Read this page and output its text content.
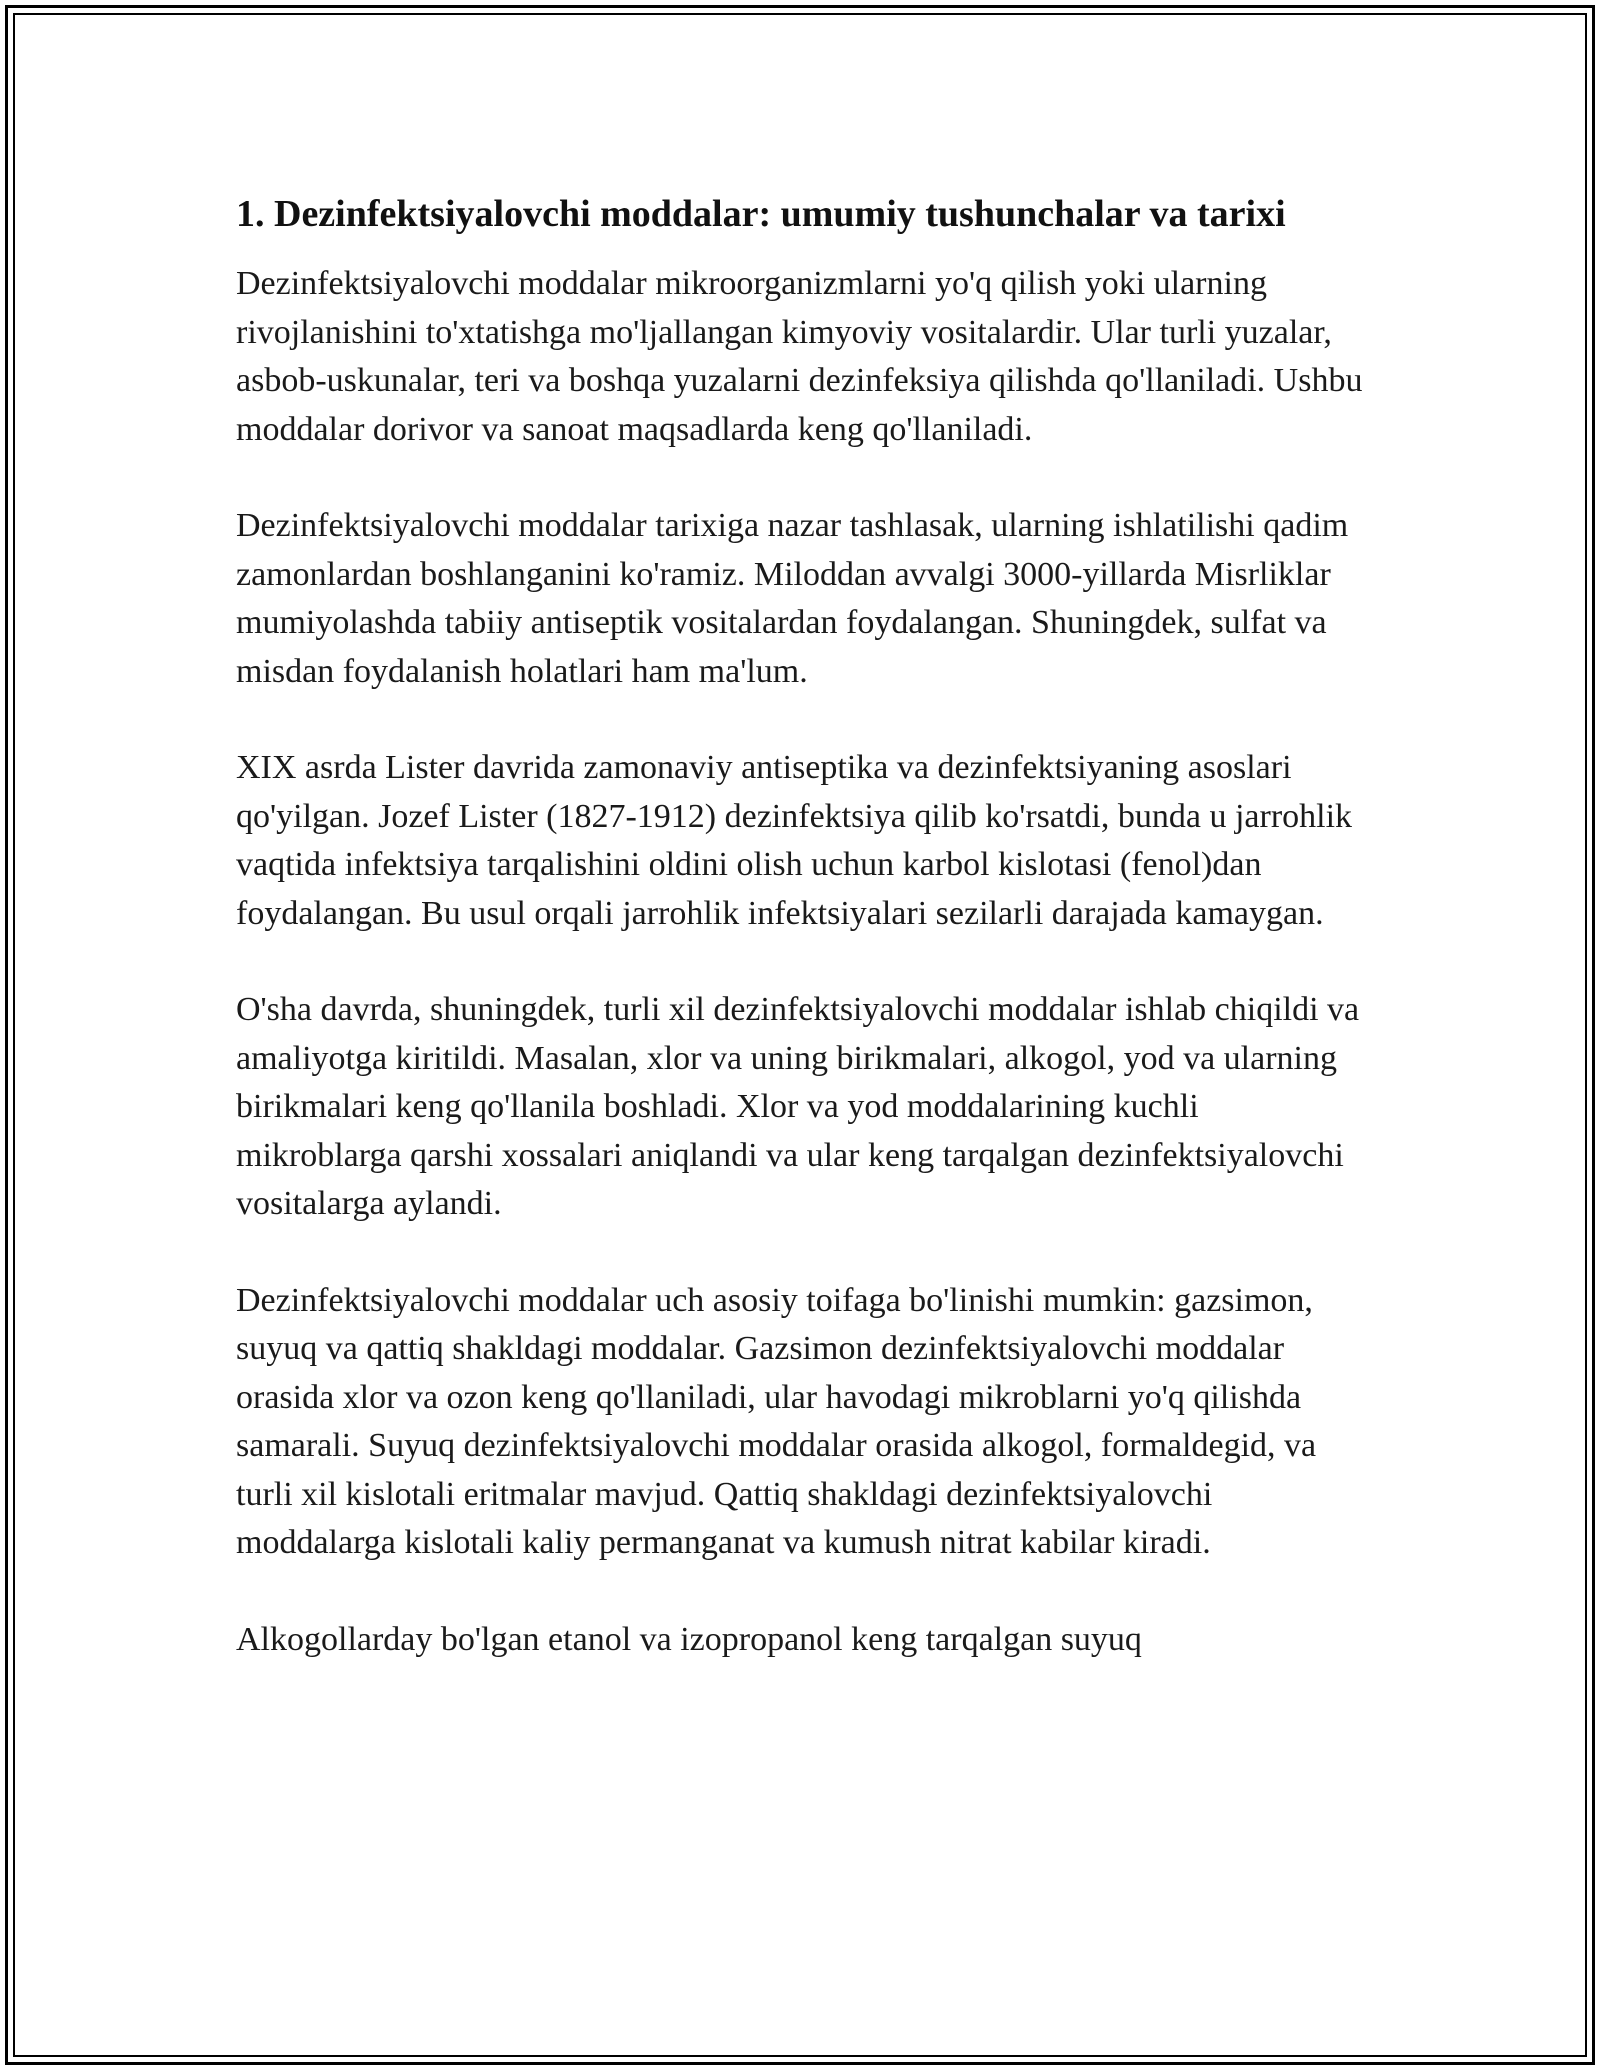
1. Dezinfektsiyalovchi moddalar: umumiy tushunchalar va tarixi

Dezinfektsiyalovchi moddalar mikroorganizmlarni yo'q qilish yoki ularning rivojlanishini to'xtatishga mo'ljallangan kimyoviy vositalardir. Ular turli yuzalar, asbob-uskunalar, teri va boshqa yuzalarni dezinfeksiya qilishda qo'llaniladi. Ushbu moddalar dorivor va sanoat maqsadlarda keng qo'llaniladi.

Dezinfektsiyalovchi moddalar tarixiga nazar tashlasak, ularning ishlatilishi qadim zamonlardan boshlanganini ko'ramiz. Miloddan avvalgi 3000-yillarda Misrliklar mumiyolashda tabiiy antiseptik vositalardan foydalangan. Shuningdek, sulfat va misdan foydalanish holatlari ham ma'lum.

XIX asrda Lister davrida zamonaviy antiseptika va dezinfektsiyaning asoslari qo'yilgan. Jozef Lister (1827-1912) dezinfektsiya qilib ko'rsatdi, bunda u jarrohlik vaqtida infektsiya tarqalishini oldini olish uchun karbol kislotasi (fenol)dan foydalangan. Bu usul orqali jarrohlik infektsiyalari sezilarli darajada kamaygan.

O'sha davrda, shuningdek, turli xil dezinfektsiyalovchi moddalar ishlab chiqildi va amaliyotga kiritildi. Masalan, xlor va uning birikmalari, alkogol, yod va ularning birikmalari keng qo'llanila boshladi. Xlor va yod moddalarining kuchli mikroblarga qarshi xossalari aniqlandi va ular keng tarqalgan dezinfektsiyalovchi vositalarga aylandi.

Dezinfektsiyalovchi moddalar uch asosiy toifaga bo'linishi mumkin: gazsimon, suyuq va qattiq shakldagi moddalar. Gazsimon dezinfektsiyalovchi moddalar orasida xlor va ozon keng qo'llaniladi, ular havodagi mikroblarni yo'q qilishda samarali. Suyuq dezinfektsiyalovchi moddalar orasida alkogol, formaldegid, va turli xil kislotali eritmalar mavjud. Qattiq shakldagi dezinfektsiyalovchi moddalarga kislotali kaliy permanganat va kumush nitrat kabilar kiradi.

Alkogollarday bo'lgan etanol va izopropanol keng tarqalgan suyuq
